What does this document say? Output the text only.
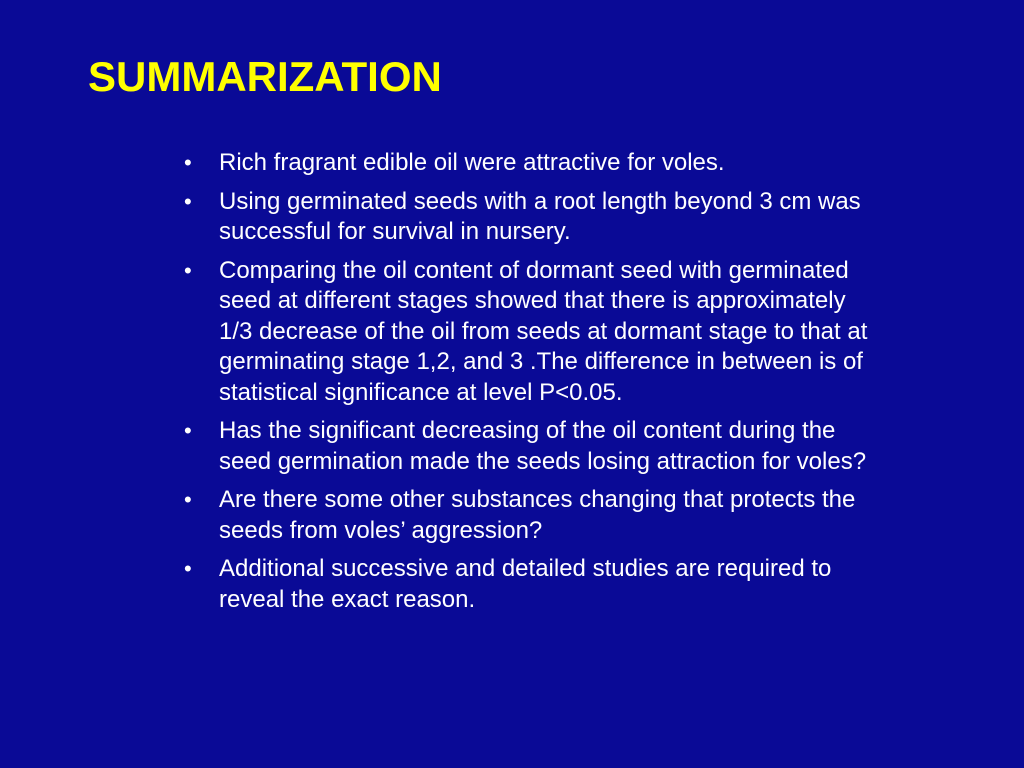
SUMMARIZATION
• Rich fragrant edible oil were attractive for voles.
• Using germinated seeds with a root length beyond 3 cm was successful for survival in nursery.
• Comparing the oil content of dormant seed with germinated seed at different stages showed that there is approximately 1/3 decrease of the oil from seeds at dormant stage to that at germinating stage 1,2, and 3 .The difference in between is of statistical significance at level P<0.05.
• Has the significant decreasing of the oil content during the seed germination made the seeds losing attraction for voles?
• Are there some other substances changing that protects the seeds from voles’ aggression?
• Additional successive and detailed studies are required to reveal the exact reason.
